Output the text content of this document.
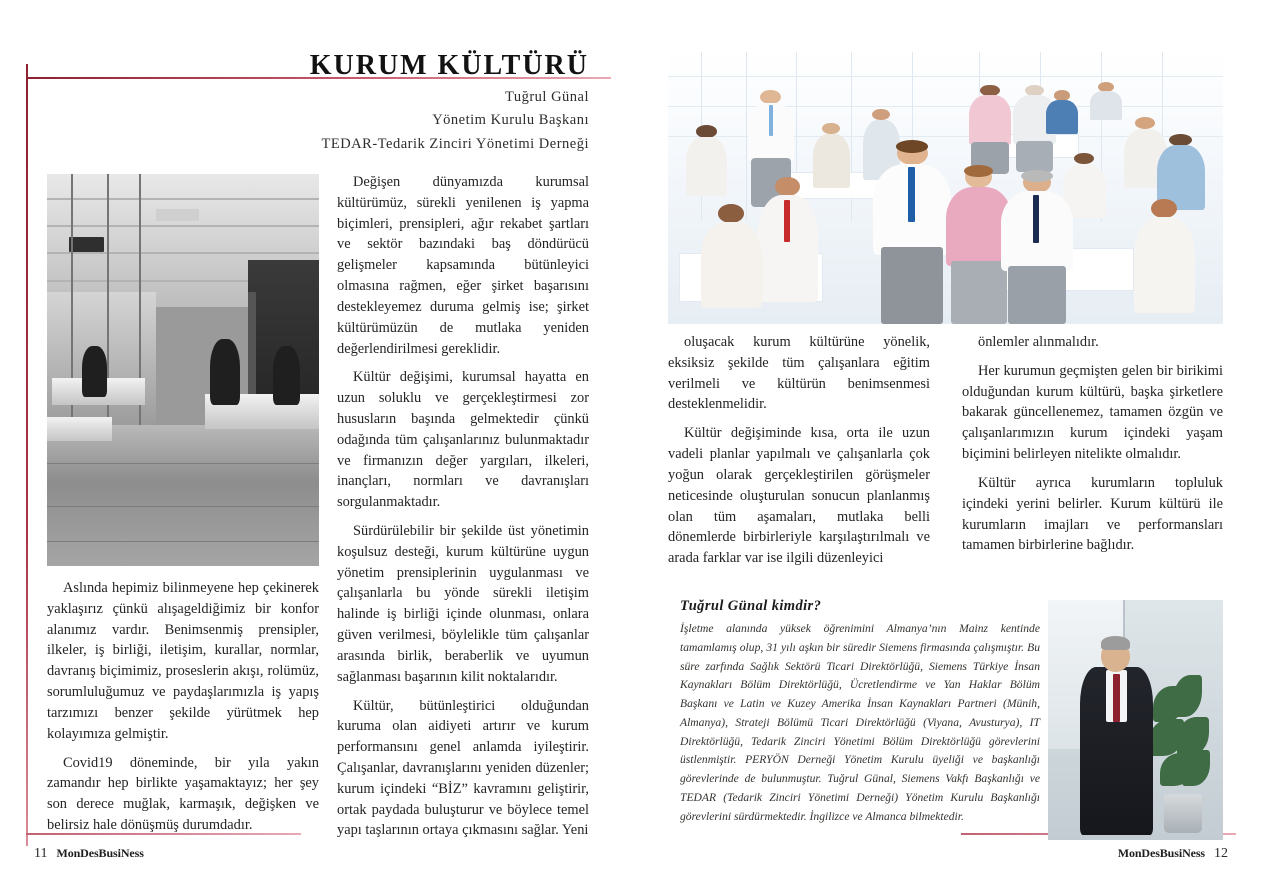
KURUM KÜLTÜRÜ
Tuğrul Günal
Yönetim Kurulu Başkanı
TEDAR-Tedarik Zinciri Yönetimi Derneği

Aslında hepimiz bilinmeyene hep çekinerek yaklaşırız çünkü alışageldiğimiz bir konfor alanımız vardır. Benimsenmiş prensipler, ilkeler, iş birliği, iletişim, kurallar, normlar, davranış biçimimiz, proseslerin akışı, rolümüz, sorumluluğumuz ve paydaşlarımızla iş yapış tarzımızı benzer şekilde yürütmek hep kolayımıza gelmiştir.

Covid19 döneminde, bir yıla yakın zamandır hep birlikte yaşamaktayız; her şey son derece muğlak, karmaşık, değişken ve belirsiz hale dönüşmüş durumdadır.

Değişen dünyamızda kurumsal kültürümüz, sürekli yenilenen iş yapma biçimleri, prensipleri, ağır rekabet şartları ve sektör bazındaki baş döndürücü gelişmeler kapsamında bütünleyici olmasına rağmen, eğer şirket başarısını destekleyemez duruma gelmiş ise; şirket kültürümüzün de mutlaka yeniden değerlendirilmesi gereklidir.

Kültür değişimi, kurumsal hayatta en uzun soluklu ve gerçekleştirmesi zor hususların başında gelmektedir çünkü odağında tüm çalışanlarınız bulunmaktadır ve firmanızın değer yargıları, ilkeleri, inançları, normları ve davranışları sorgulanmaktadır.

Sürdürülebilir bir şekilde üst yönetimin koşulsuz desteği, kurum kültürüne uygun yönetim prensiplerinin uygulanması ve çalışanlarla bu yönde sürekli iletişim halinde iş birliği içinde olunması, onlara güven verilmesi, böylelikle tüm çalışanlar arasında birlik, beraberlik ve uyumun sağlanması başarının kilit noktalarıdır.

Kültür, bütünleştirici olduğundan kuruma olan aidiyeti artırır ve kurum performansını genel anlamda iyileştirir. Çalışanlar, davranışlarını yeniden düzenler; kurum içindeki “BİZ” kavramını geliştirir, ortak paydada buluşturur ve böylece temel yapı taşlarının ortaya çıkmasını sağlar. Yeni

11 MonDesBusiNess

oluşacak kurum kültürüne yönelik, eksiksiz şekilde tüm çalışanlara eğitim verilmeli ve kültürün benimsenmesi desteklenmelidir.

Kültür değişiminde kısa, orta ile uzun vadeli planlar yapılmalı ve çalışanlarla çok yoğun olarak gerçekleştirilen görüşmeler neticesinde oluşturulan sonucun planlanmış olan tüm aşamaları, mutlaka belli dönemlerde birbirleriyle karşılaştırılmalı ve arada farklar var ise ilgili düzenleyici

önlemler alınmalıdır.

Her kurumun geçmişten gelen bir birikimi olduğundan kurum kültürü, başka şirketlere bakarak güncellenemez, tamamen özgün ve çalışanlarımızın kurum içindeki yaşam biçimini belirleyen nitelikte olmalıdır.

Kültür ayrıca kurumların topluluk içindeki yerini belirler. Kurum kültürü ile kurumların imajları ve performansları tamamen birbirlerine bağlıdır.

Tuğrul Günal kimdir?
İşletme alanında yüksek öğrenimini Almanya’nın Mainz kentinde tamamlamış olup, 31 yılı aşkın bir süredir Siemens firmasında çalışmıştır. Bu süre zarfında Sağlık Sektörü Ticari Direktörlüğü, Siemens Türkiye İnsan Kaynakları Bölüm Direktörlüğü, Ücretlendirme ve Yan Haklar Bölüm Başkanı ve Latin ve Kuzey Amerika İnsan Kaynakları Partneri (Münih, Almanya), Strateji Bölümü Ticari Direktörlüğü (Viyana, Avusturya), IT Direktörlüğü, Tedarik Zinciri Yönetimi Bölüm Direktörlüğü görevlerini üstlenmiştir. PERYÖN Derneği Yönetim Kurulu üyeliği ve başkanlığı görevlerinde de bulunmuştur. Tuğrul Günal, Siemens Vakfı Başkanlığı ve TEDAR (Tedarik Zinciri Yönetimi Derneği) Yönetim Kurulu Başkanlığı görevlerini sürdürmektedir. İngilizce ve Almanca bilmektedir.
MonDesBusiNess 12
